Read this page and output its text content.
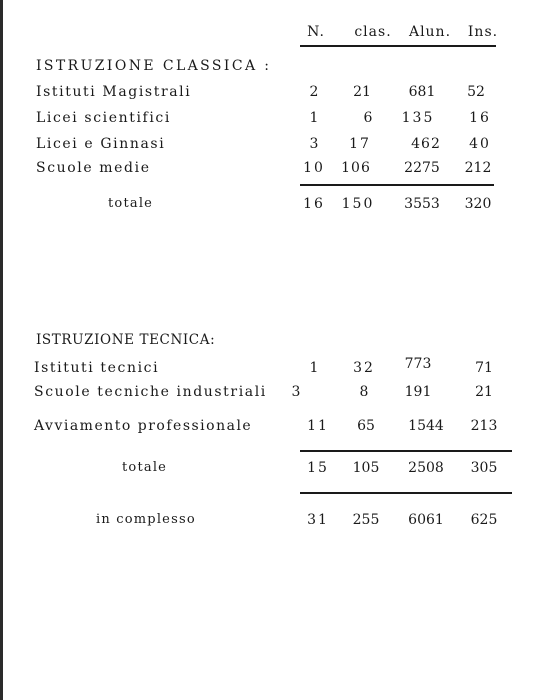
N.	clas.	Alun.	Ins.
ISTRUZIONE CLASSICA :
Istituti Magistrali	2	21	681	52
Licei scientifici	1	6	135	16
Licei e Ginnasi	3	17	462	40
Scuole medie	10	106	2275	212
totale	16	150	3553	320
ISTRUZIONE TECNICA:
Istituti tecnici	1	32	773	71
Scuole tecniche industriali	3	8	191	21
Avviamento professionale	11	65	1544	213
totale	15	105	2508	305
in complesso	31	255	6061	625
